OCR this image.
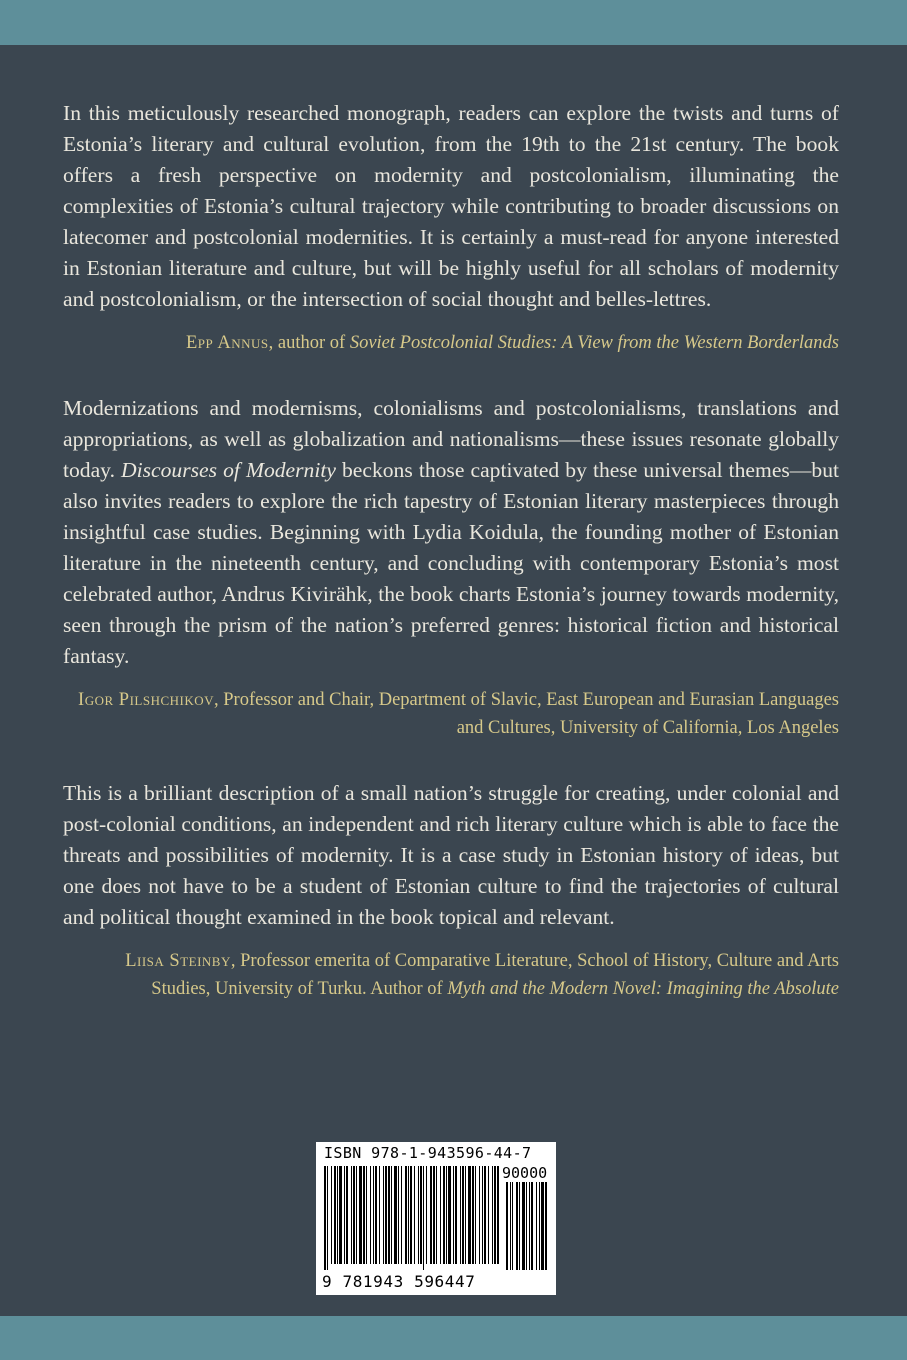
In this meticulously researched monograph, readers can explore the twists and turns of Estonia’s literary and cultural evolution, from the 19th to the 21st century. The book offers a fresh perspective on modernity and postcolonialism, illuminating the complexities of Estonia’s cultural trajectory while contributing to broader discussions on latecomer and postcolonial modernities. It is certainly a must-read for anyone interested in Estonian literature and culture, but will be highly useful for all scholars of modernity and postcolonialism, or the intersection of social thought and belles-lettres.

Epp Annus, author of Soviet Postcolonial Studies: A View from the Western Borderlands

Modernizations and modernisms, colonialisms and postcolonialisms, translations and appropriations, as well as globalization and nationalisms—these issues resonate globally today. Discourses of Modernity beckons those captivated by these universal themes—but also invites readers to explore the rich tapestry of Estonian literary masterpieces through insightful case studies. Beginning with Lydia Koidula, the founding mother of Estonian literature in the nineteenth century, and concluding with contemporary Estonia’s most celebrated author, Andrus Kivirähk, the book charts Estonia’s journey towards modernity, seen through the prism of the nation’s preferred genres: historical fiction and historical fantasy.

Igor Pilshchikov, Professor and Chair, Department of Slavic, East European and Eurasian Languages and Cultures, University of California, Los Angeles

This is a brilliant description of a small nation’s struggle for creating, under colonial and post-colonial conditions, an independent and rich literary culture which is able to face the threats and possibilities of modernity. It is a case study in Estonian history of ideas, but one does not have to be a student of Estonian culture to find the trajectories of cultural and political thought examined in the book topical and relevant.

Liisa Steinby, Professor emerita of Comparative Literature, School of History, Culture and Arts Studies, University of Turku. Author of Myth and the Modern Novel: Imagining the Absolute

ISBN 978-1-943596-44-7
90000
9 781943 596447
